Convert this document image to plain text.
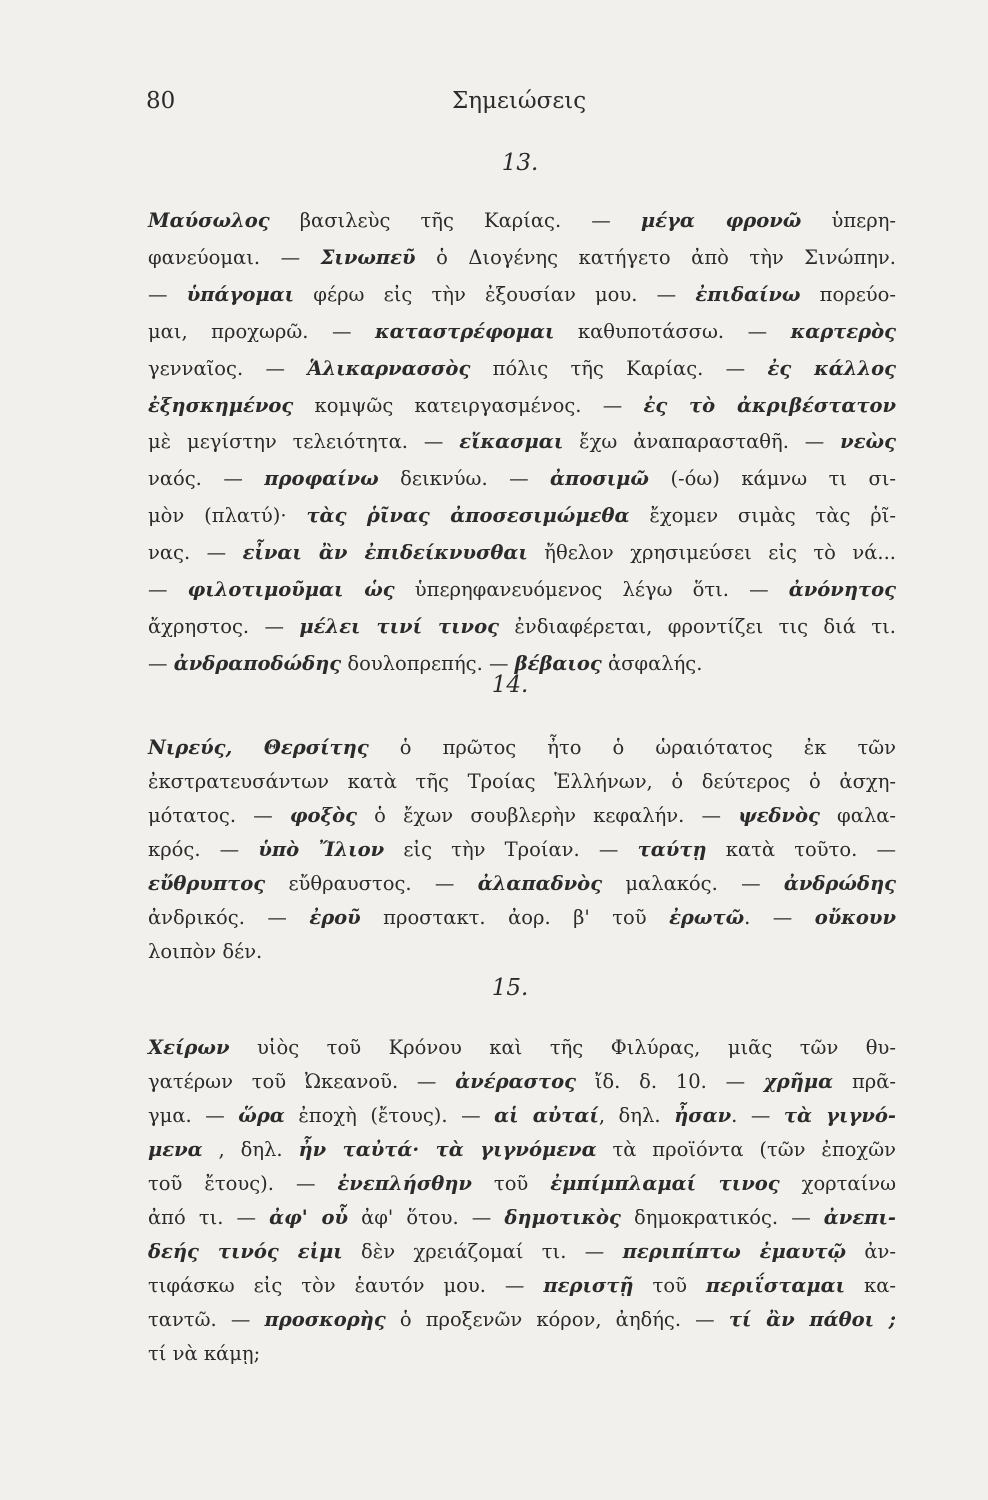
80	Σημειώσεις
13.
Μαύσωλος βασιλεὺς τῆς Καρίας. — μέγα φρονῶ ὑπερη-
φανεύομαι. — Σινωπεῦ ὁ Διογένης κατήγετο ἀπὸ τὴν Σινώπην.
— ὑπάγομαι φέρω εἰς τὴν ἐξουσίαν μου. — ἐπιδαίνω πορεύο-
μαι, προχωρῶ. — καταστρέφομαι καθυποτάσσω. — καρτερὸς
γενναῖος. — Ἁλικαρνασσὸς πόλις τῆς Καρίας. — ἐς κάλλος
ἐξησκημένος κομψῶς κατειργασμένος. — ἐς τὸ ἀκριβέστατον
μὲ μεγίστην τελειότητα. — εἴκασμαι ἔχω ἀναπαρασταθῆ. — νεὼς
ναός. — προφαίνω δεικνύω. — ἀποσιμῶ (-όω) κάμνω τι σι-
μὸν (πλατύ)· τὰς ῥῖνας ἀποσεσιμώμεθα ἔχομεν σιμὰς τὰς ῥῖ-
νας. — εἶναι ἂν ἐπιδείκνυσθαι ἤθελον χρησιμεύσει εἰς τὸ νά...
— φιλοτιμοῦμαι ὡς ὑπερηφανευόμενος λέγω ὅτι. — ἀνόνητος
ἄχρηστος. — μέλει τινί τινος ἐνδιαφέρεται, φροντίζει τις διά τι.
— ἀνδραποδώδης δουλοπρεπής. — βέβαιος ἀσφαλής.
14.
Νιρεύς, Θερσίτης ὁ πρῶτος ἦτο ὁ ὡραιότατος ἐκ τῶν
ἐκστρατευσάντων κατὰ τῆς Τροίας Ἑλλήνων, ὁ δεύτερος ὁ ἀσχη-
μότατος. — φοξὸς ὁ ἔχων σουβλερὴν κεφαλήν. — ψεδνὸς φαλα-
κρός. — ὑπὸ Ἴλιον εἰς τὴν Τροίαν. — ταύτῃ κατὰ τοῦτο. —
εὔθρυπτος εὔθραυστος. — ἀλαπαδνὸς μαλακός. — ἀνδρώδης
ἀνδρικός. — ἐροῦ προστακτ. ἀορ. β' τοῦ ἐρωτῶ. — οὔκουν
λοιπὸν δέν.
15.
Χείρων υἱὸς τοῦ Κρόνου καὶ τῆς Φιλύρας, μιᾶς τῶν θυ-
γατέρων τοῦ Ὠκεανοῦ. — ἀνέραστος ἴδ. δ. 10. — χρῆμα πρᾶ-
γμα. — ὥρα ἐποχὴ (ἔτους). — αἱ αὐταί, δηλ. ἦσαν. — τὰ γιγνό-
μενα , δηλ. ἦν ταὐτά· τὰ γιγνόμενα τὰ προϊόντα (τῶν ἐποχῶν
τοῦ ἔτους). — ἐνεπλήσθην τοῦ ἐμπίμπλαμαί τινος χορταίνω
ἀπό τι. — ἀφ' οὗ ἀφ' ὅτου. — δημοτικὸς δημοκρατικός. — ἀνεπι-
δεής τινός εἰμι δὲν χρειάζομαί τι. — περιπίπτω ἐμαυτῷ ἀν-
τιφάσκω εἰς τὸν ἑαυτόν μου. — περιστῇ τοῦ περιΐσταμαι κα-
ταντῶ. — προσκορὴς ὁ προξενῶν κόρον, ἀηδής. — τί ἂν πάθοι ;
τί νὰ κάμῃ;
